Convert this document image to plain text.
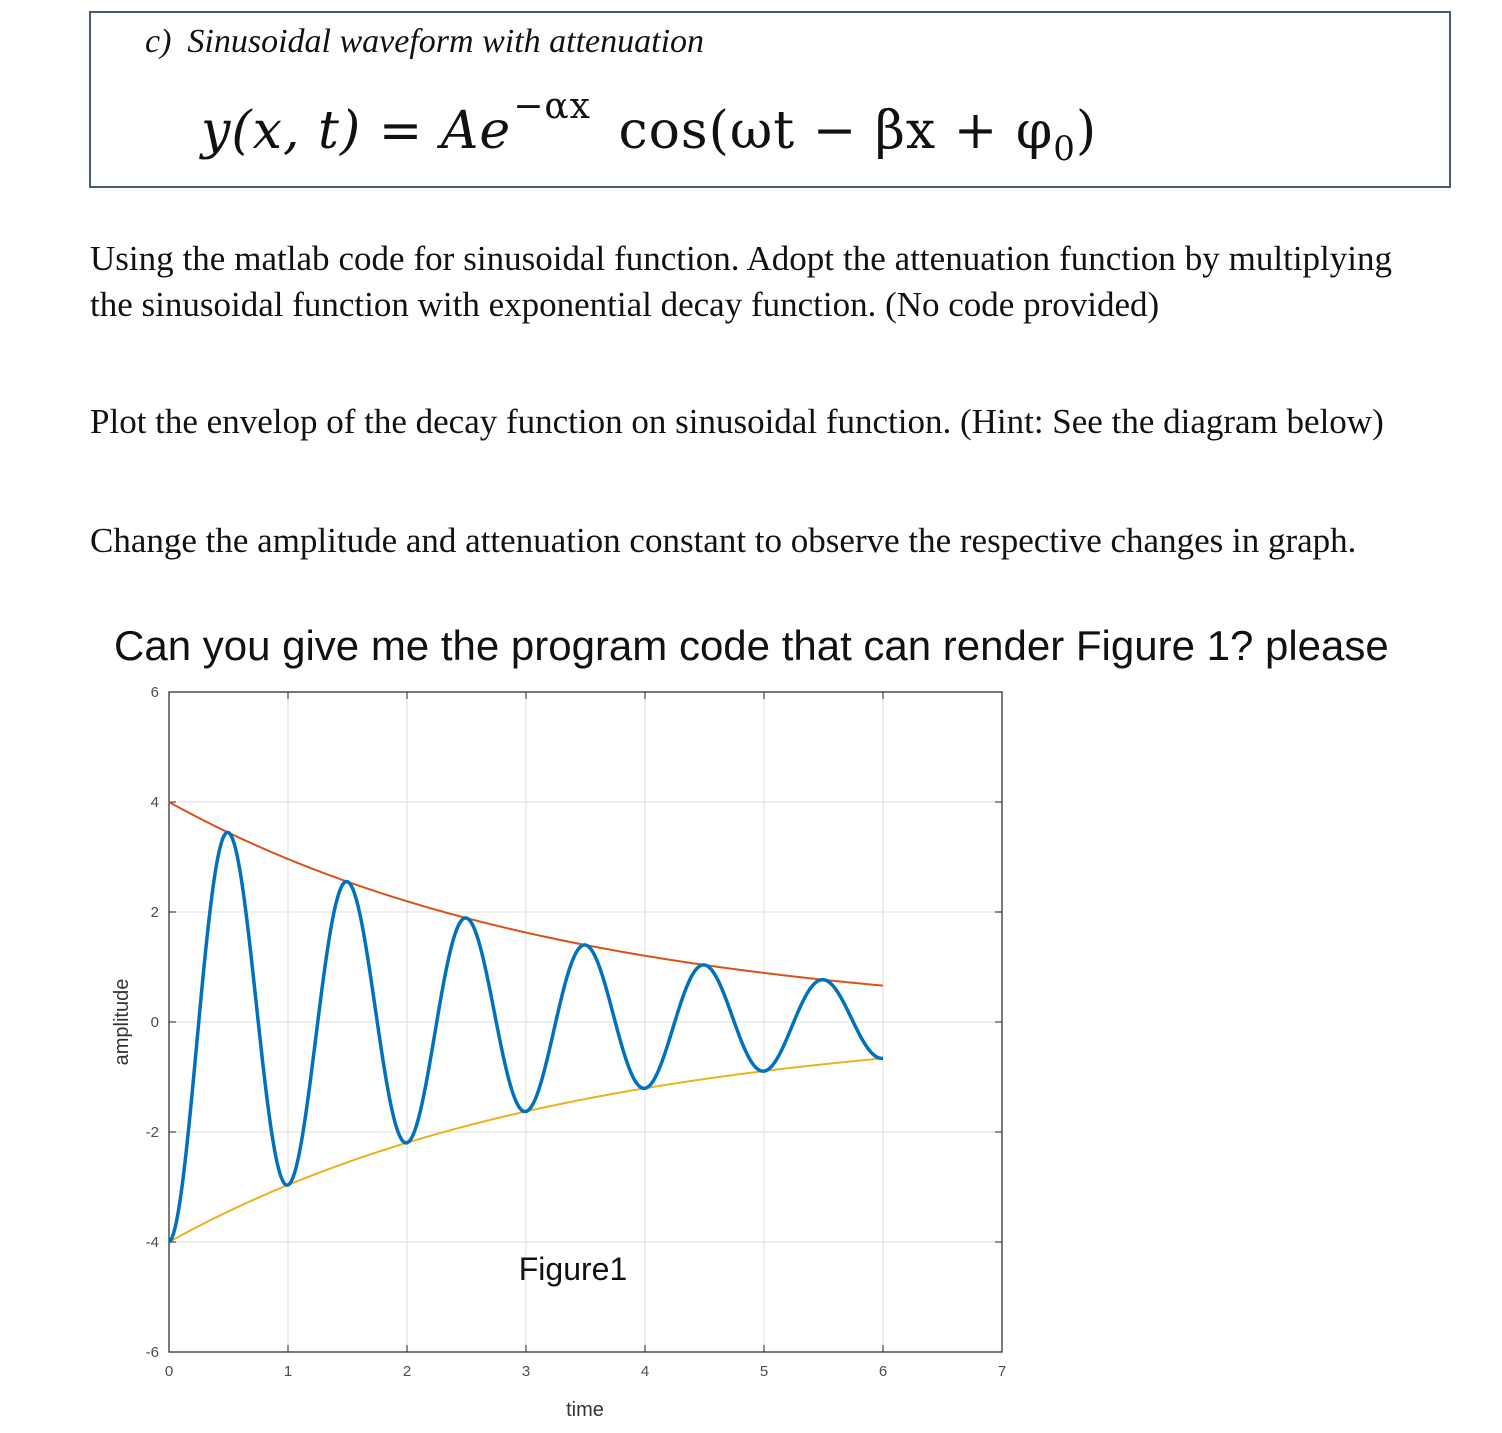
c) Sinusoidal waveform with attenuation
y(x, $t) = Ae^{-\alpha x}$ $\cos(\omega t - \beta x + \varphi_0)$
Using the matlab code for sinusoidal function. Adopt the attenuation function by multiplying the sinusoidal function with exponential decay function. (No code provided)
Plot the envelop of the decay function on sinusoidal function. (Hint: See the diagram below)
Change the amplitude and attenuation constant to observe the respective changes in graph.
Can you give me the program code that can render Figure 1? please
0	1	2	3	4	5	6	7
-6
-4
-2
0
2
4
6
Figure1
time
amplitude
